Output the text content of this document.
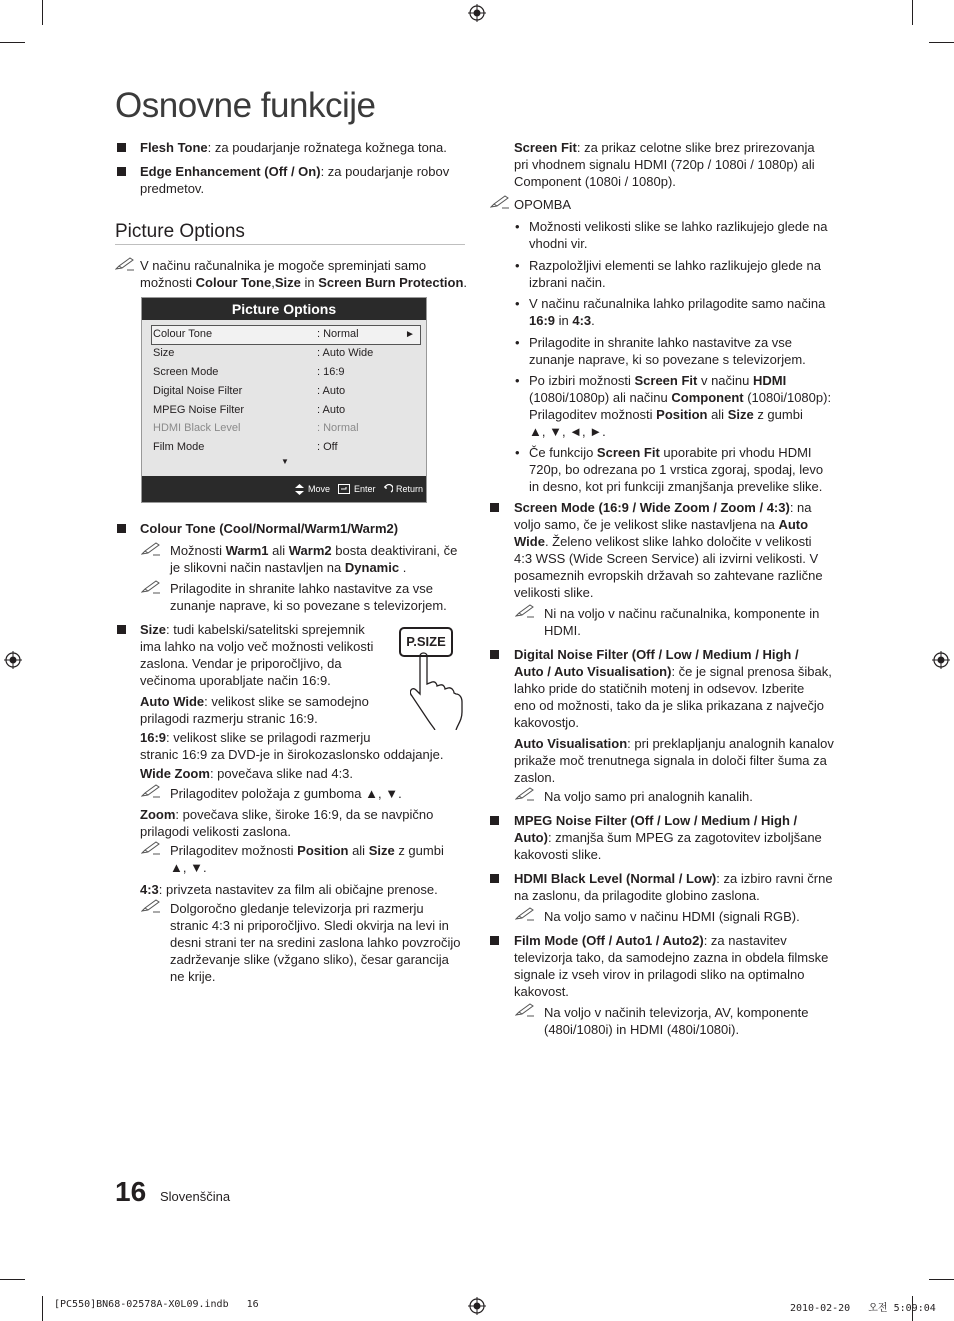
Osnovne funkcije
Flesh Tone: za poudarjanje rožnatega kožnega tona.
Edge Enhancement (Off / On): za poudarjanje robov
predmetov.
Picture Options
V načinu računalnika je mogoče spreminjati samo
možnosti Colour Tone,Size in Screen Burn Protection.
Picture Options
Colour Tone	: Normal	►
Size	: Auto Wide
Screen Mode	: 16:9
Digital Noise Filter	: Auto
MPEG Noise Filter	: Auto
HDMI Black Level	: Normal
Film Mode	: Off
▼
Move	Enter Return
Colour Tone (Cool/Normal/Warm1/Warm2)
Možnosti Warm1 ali Warm2 bosta deaktivirani, če
je slikovni način nastavljen na Dynamic .
Prilagodite in shranite lahko nastavitve za vse
zunanje naprave, ki so povezane s televizorjem.
Size: tudi kabelski/satelitski sprejemnik
ima lahko na voljo več možnosti velikosti
zaslona. Vendar je priporočljivo, da
večinoma uporabljate način 16:9.
P.SIZE
Auto Wide: velikost slike se samodejno
prilagodi razmerju stranic 16:9.
16:9: velikost slike se prilagodi razmerju
stranic 16:9 za DVD-je in širokozaslonsko oddajanje.
Wide Zoom: povečava slike nad 4:3.
Prilagoditev položaja z gumboma ▲, ▼.
Zoom: povečava slike, široke 16:9, da se navpično
prilagodi velikosti zaslona.
Prilagoditev možnosti Position ali Size z gumbi
▲, ▼.
4:3: privzeta nastavitev za film ali običajne prenose.
Dolgoročno gledanje televizorja pri razmerju
stranic 4:3 ni priporočljivo. Sledi okvirja na levi in
desni strani ter na sredini zaslona lahko povzročijo
zadrževanje slike (vžgano sliko), česar garancija
ne krije.
Screen Fit: za prikaz celotne slike brez prirezovanja
pri vhodnem signalu HDMI (720p / 1080i / 1080p) ali
Component (1080i / 1080p).
OPOMBA
• Možnosti velikosti slike se lahko razlikujejo glede na
vhodni vir.
• Razpoložljivi elementi se lahko razlikujejo glede na
izbrani način.
• V načinu računalnika lahko prilagodite samo načina
16:9 in 4:3.
• Prilagodite in shranite lahko nastavitve za vse
zunanje naprave, ki so povezane s televizorjem.
• Po izbiri možnosti Screen Fit v načinu HDMI
(1080i/1080p) ali načinu Component (1080i/1080p):
Prilagoditev možnosti Position ali Size z gumbi
▲, ▼, ◄, ►.
• Če funkcijo Screen Fit uporabite pri vhodu HDMI
720p, bo odrezana po 1 vrstica zgoraj, spodaj, levo
in desno, kot pri funkciji zmanjšanja prevelike slike.
Screen Mode (16:9 / Wide Zoom / Zoom / 4:3): na
voljo samo, če je velikost slike nastavljena na Auto
Wide. Želeno velikost slike lahko določite v velikosti
4:3 WSS (Wide Screen Service) ali izvirni velikosti. V
posameznih evropskih državah so zahtevane različne
velikosti slike.
Ni na voljo v načinu računalnika, komponente in
HDMI.
Digital Noise Filter (Off / Low / Medium / High /
Auto / Auto Visualisation): če je signal prenosa šibak,
lahko pride do statičnih motenj in odsevov. Izberite
eno od možnosti, tako da je slika prikazana z največjo
kakovostjo.
Auto Visualisation: pri preklapljanju analognih kanalov
prikaže moč trenutnega signala in določi filter šuma za
zaslon.
Na voljo samo pri analognih kanalih.
MPEG Noise Filter (Off / Low / Medium / High /
Auto): zmanjša šum MPEG za zagotovitev izboljšane
kakovosti slike.
HDMI Black Level (Normal / Low): za izbiro ravni črne
na zaslonu, da prilagodite globino zaslona.
Na voljo samo v načinu HDMI (signali RGB).
Film Mode (Off / Auto1 / Auto2): za nastavitev
televizorja tako, da samodejno zazna in obdela filmske
signale iz vseh virov in prilagodi sliko na optimalno
kakovost.
Na voljo v načinih televizorja, AV, komponente
(480i/1080i) in HDMI (480i/1080i).
16 Slovenščina
[PC550]BN68-02578A-X0L09.indb   16	2010-02-20   오전 5:09:04
